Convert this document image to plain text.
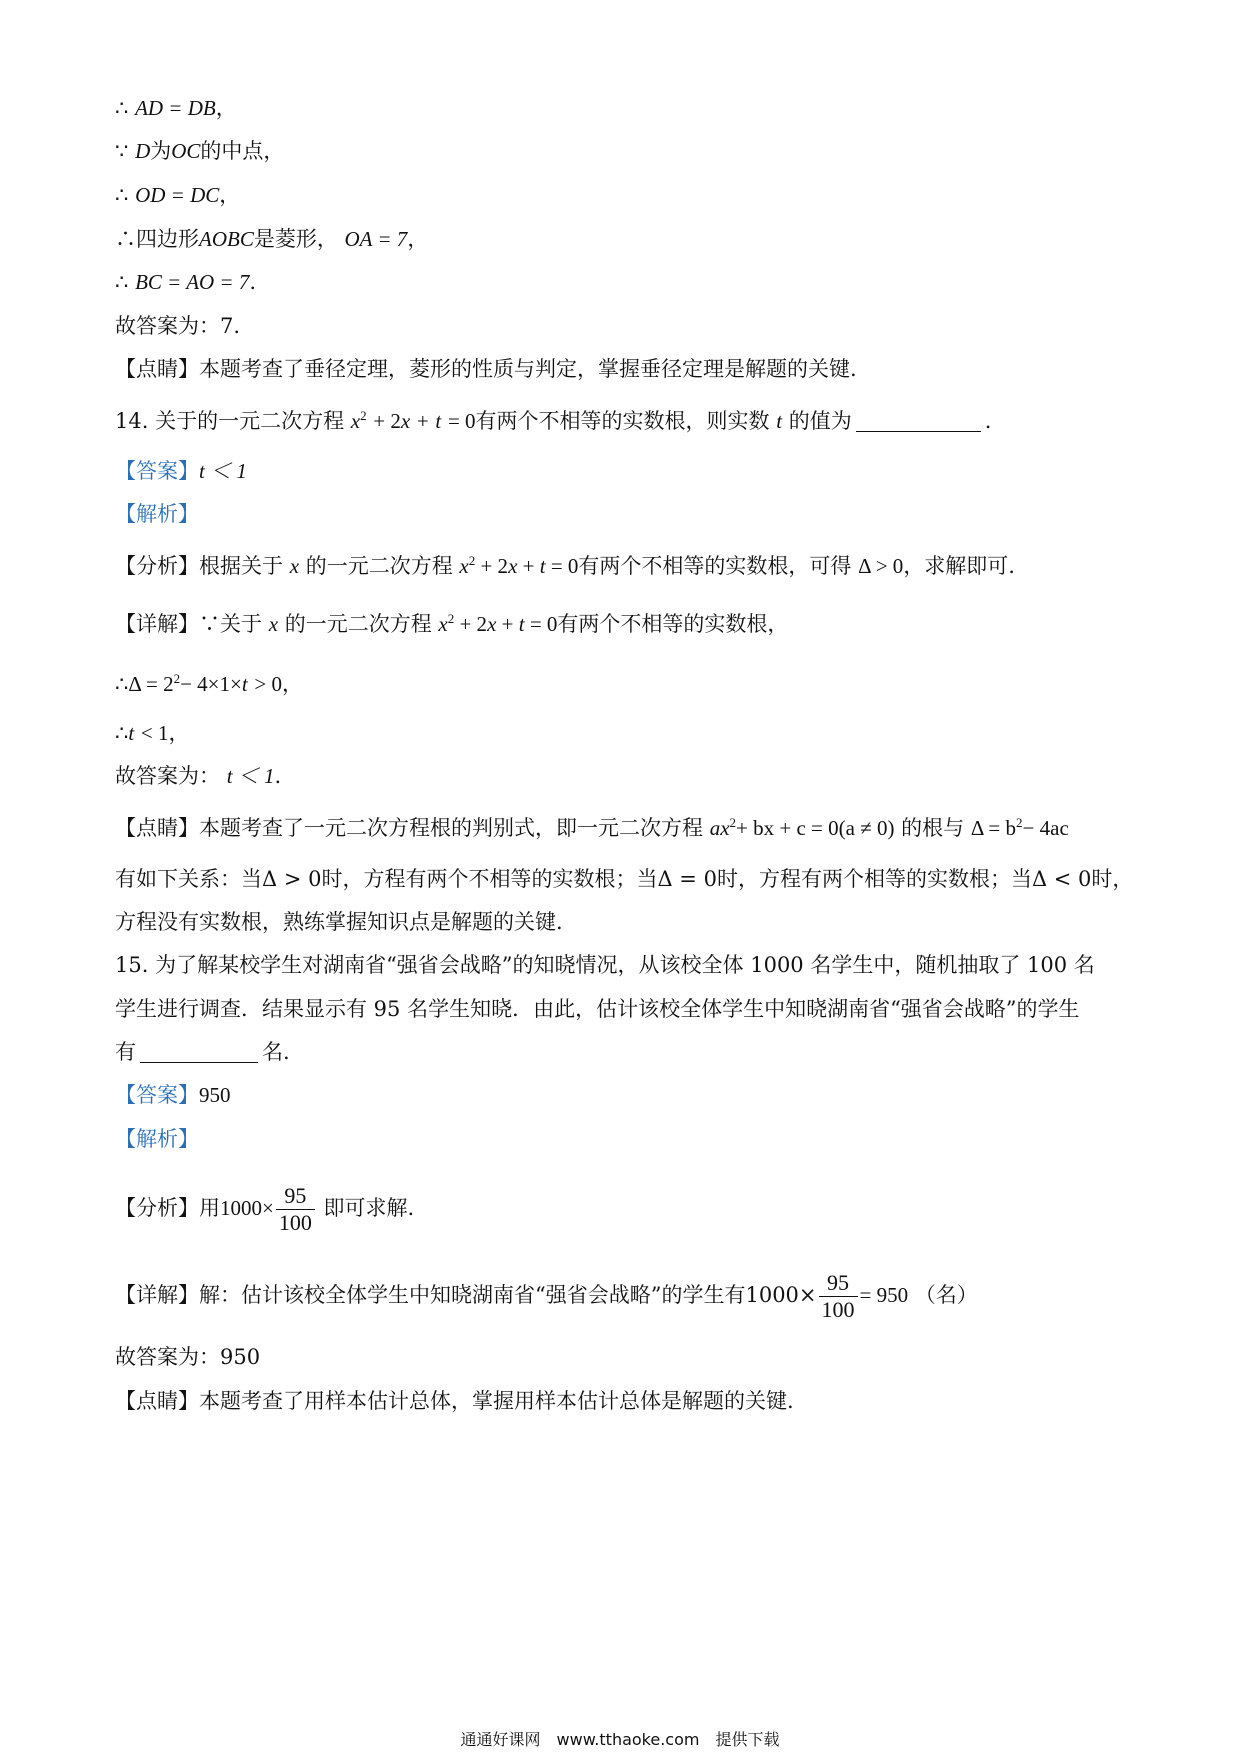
∴ AD = DB，
∵ D为OC的中点，
∴ OD = DC，
∴四边形AOBC是菱形， OA = 7，
∴ BC = AO = 7.
故答案为：7.
【点睛】本题考查了垂径定理，菱形的性质与判定，掌握垂径定理是解题的关键.
14. 关于的一元二次方程 $x^2 + 2x + t = 0$有两个不相等的实数根，则实数 t 的值为	.
【答案】t ＜ 1
【解析】
【分析】根据关于 x 的一元二次方程 $x^2 + 2x + t = 0$有两个不相等的实数根，可得 Δ > 0，求解即可.
【详解】∵关于 x 的一元二次方程 $x^2 + 2x + t = 0$有两个不相等的实数根，
∴Δ = $2^2- 4\times 1\times t > 0$，
∴t < 1，
故答案为： t ＜ 1.
【点睛】本题考查了一元二次方程根的判别式，即一元二次方程 $ax^2+$ bx + c = 0(a ≠ 0) 的根与 $\Delta = b^2- 4ac$
有如下关系：当Δ > 0时，方程有两个不相等的实数根；当Δ = 0时，方程有两个相等的实数根；当Δ < 0时，
方程没有实数根，熟练掌握知识点是解题的关键.
15. 为了解某校学生对湖南省“强省会战略”的知晓情况，从该校全体 1000 名学生中，随机抽取了 100 名
学生进行调查．结果显示有 95 名学生知晓．由此，估计该校全体学生中知晓湖南省“强省会战略”的学生
有	名.
【答案】950
【解析】
【分析】用$1000\times \frac{95}{100}$ 即可求解.
【详解】解：估计该校全体学生中知晓湖南省“强省会战略”的学生有$1000\times \frac{95}{100} = 950$ （名）
故答案为：950
【点睛】本题考查了用样本估计总体，掌握用样本估计总体是解题的关键.
通通好课网　www.tthaoke.com　提供下载
